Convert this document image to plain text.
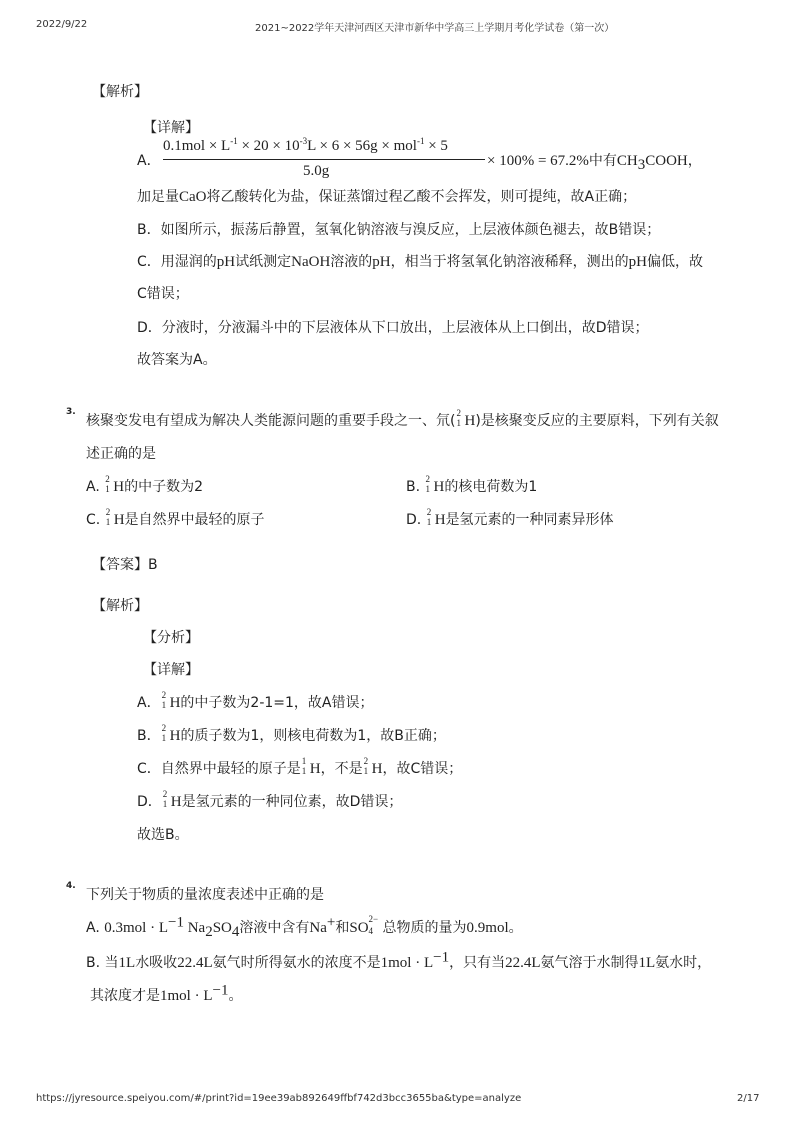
2022/9/22	2021~2022学年天津河西区天津市新华中学高三上学期月考化学试卷（第一次）
【解析】
【详解】
A．
$0.1mol \times L^{-1} \times 20 \times 10^{-3}L \times 6 \times 56g \times mol^{-1} \times 5$
5.0g
× 100% = 67.2%中有$CH_3COOH$，
加足量CaO将乙酸转化为盐，保证蒸馏过程乙酸不会挥发，则可提纯，故A正确；
B．如图所示，振荡后静置，氢氧化钠溶液与溴反应，上层液体颜色褪去，故B错误；
C．用湿润的pH试纸测定NaOH溶液的pH，相当于将氢氧化钠溶液稀释，测出的pH偏低，故
C错误；
D．分液时，分液漏斗中的下层液体从下口放出，上层液体从上口倒出，故D错误；
故答案为A。
3.
核聚变发电有望成为解决人类能源问题的重要手段之一、氘( 2
1 H)是核聚变反应的主要原料，下列有关叙
述正确的是
A. 2
1 H的中子数为2	B. 2
1 H的核电荷数为1
C. 2
1 H是自然界中最轻的原子	D. 2
1 H是氢元素的一种同素异形体
【答案】B
【解析】
【分析】
【详解】
A． 2
1 H的中子数为2-1=1，故A错误；
B． 2
1 H的质子数为1，则核电荷数为1，故B正确；
C．自然界中最轻的原子是 1
1 H，不是 2
1 H，故C错误；
D． 2
1 H是氢元素的一种同位素，故D错误；
故选B。
4.
下列关于物质的量浓度表述中正确的是
A. $0.3mol \cdot L^{-1}$ $Na_2SO_4$溶液中含有Na+和SO
2−
4 总物质的量为0.9mol。
B. 当1L水吸收22.4L氨气时所得氨水的浓度不是$1mol \cdot L^{-1}$，只有当22.4L氨气溶于水制得1L氨水时，
其浓度才是$1mol \cdot L^{-1}$。
https://jyresource.speiyou.com/#/print?id=19ee39ab892649ffbf742d3bcc3655ba&type=analyze	2/17
